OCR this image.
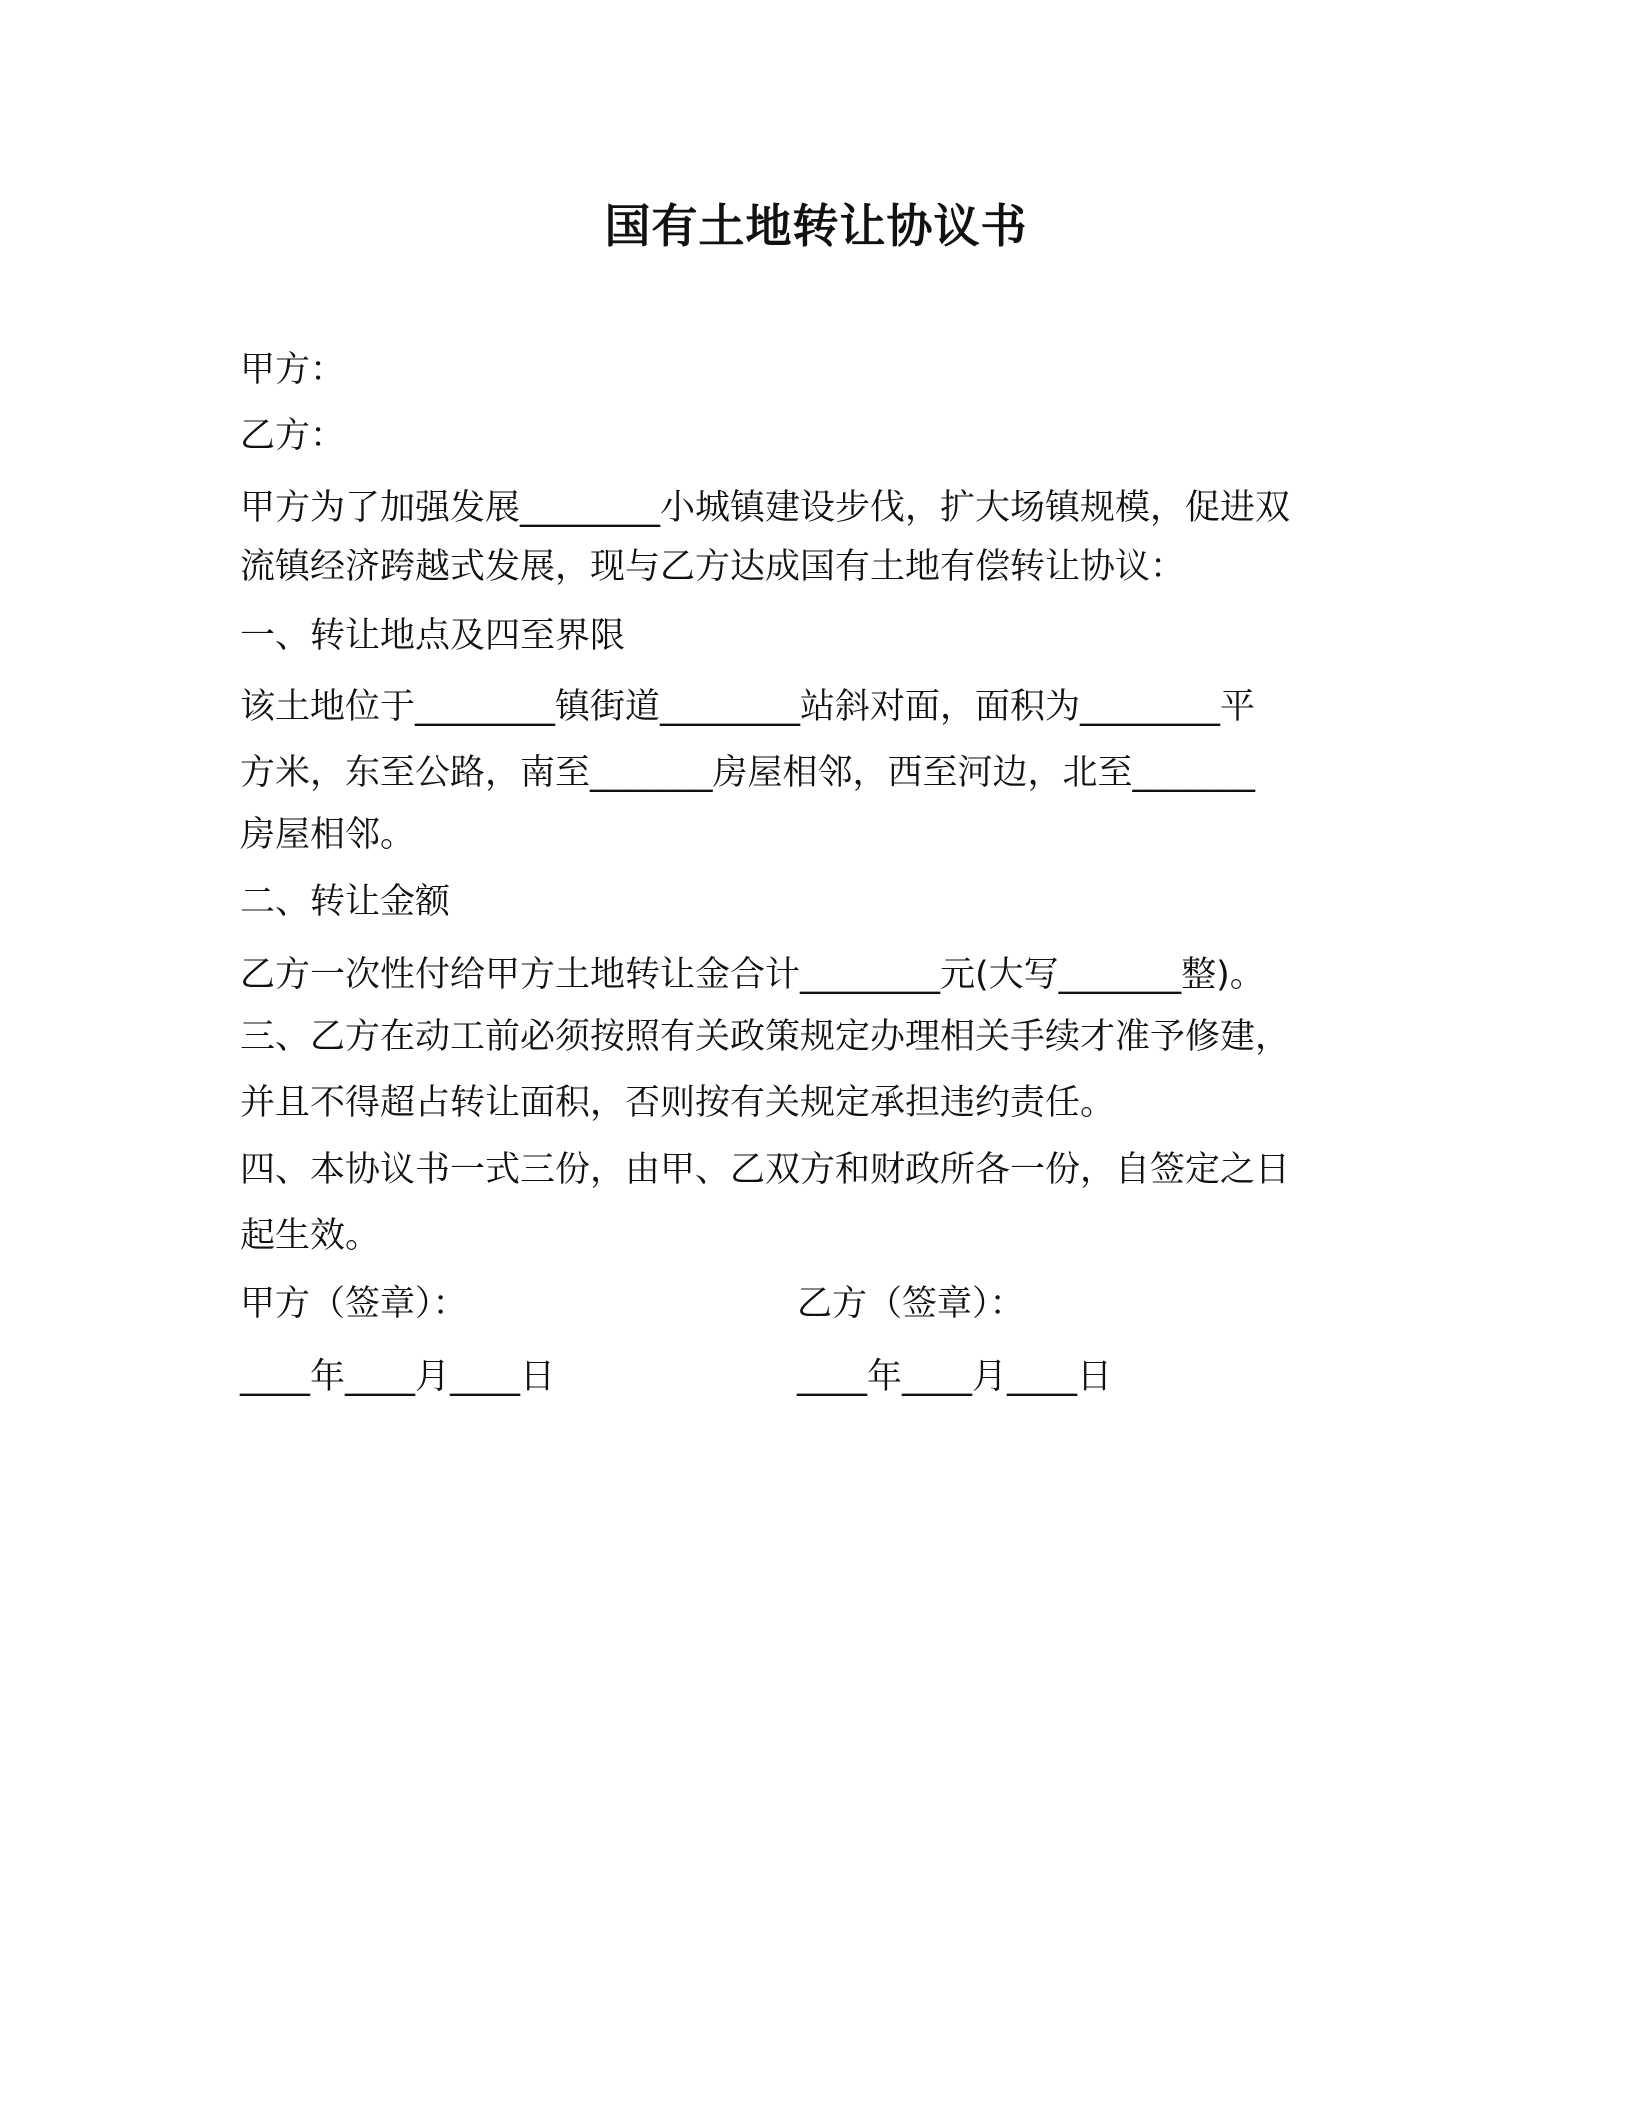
国有土地转让协议书
甲方：
乙方：
甲方为了加强发展________小城镇建设步伐，扩大场镇规模，促进双
流镇经济跨越式发展，现与乙方达成国有土地有偿转让协议：
一、转让地点及四至界限
该土地位于________镇街道________站斜对面，面积为________平
方米，东至公路，南至_______房屋相邻，西至河边，北至_______
房屋相邻。
二、转让金额
乙方一次性付给甲方土地转让金合计________元(大写_______整)。
三、乙方在动工前必须按照有关政策规定办理相关手续才准予修建，
并且不得超占转让面积，否则按有关规定承担违约责任。
四、本协议书一式三份，由甲、乙双方和财政所各一份，自签定之日
起生效。
甲方（签章）：	乙方（签章）：
____年____月____日	____年____月____日
